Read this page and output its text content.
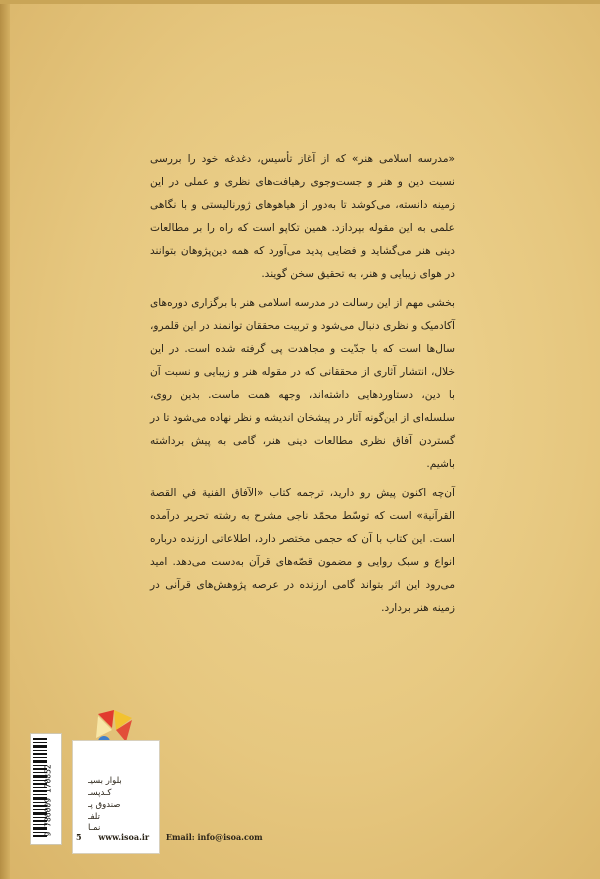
«مدرسه اسلامی هنر» که از آغاز تأسیس، دغدغه خود را بررسی نسبت دین و هنر و جست‌وجوی رهیافت‌های نظری و عملی در این زمینه دانسته، می‌کوشد تا به‌دور از هیاهوهای ژورنالیستی و با نگاهی علمی به این مقوله بپردازد. همین تکاپو است که راه را بر مطالعات دینی هنر می‌گشاید و فضایی پدید می‌آورد که همه دین‌پژوهان بتوانند در هوای زیبایی و هنر، به تحقیق سخن گویند.

بخشی مهم از این رسالت در مدرسه اسلامی هنر با برگزاری دوره‌های آکادمیک و نظری دنبال می‌شود و تربیت محققان توانمند در این قلمرو، سال‌ها است که با جدّیت و مجاهدت پی گرفته شده است. در این خلال، انتشار آثاری از محققانی که در مقوله هنر و زیبایی و نسبت آن با دین، دستاوردهایی داشته‌اند، وجهه همت ماست. بدین روی، سلسله‌ای از این‌گونه آثار در پیشخان اندیشه و نظر نهاده می‌شود تا در گستردن آفاق نظری مطالعات دینی هنر، گامی به پیش برداشته باشیم.

آن‌چه اکنون پیش رو دارید، ترجمه کتاب «الآفاق الفنية في القصة القرآنية» است که توسّط محمّد ناجی مشرح به رشته تحریر درآمده است. این کتاب با آن که حجمی مختصر دارد، اطلاعاتی ارزنده درباره انواع و سبک روایی و مضمون قصّه‌های قرآن به‌دست می‌دهد. امید می‌رود این اثر بتواند گامی ارزنده در عرصه پژوهش‌های قرآنی در زمینه هنر بردارد.

9 786009 170852	بلوار بسیـ
کـدپسـ
صندوق پـ
تلفـ
نمـا
5 www.isoa.ir Email: info@isoa.com
